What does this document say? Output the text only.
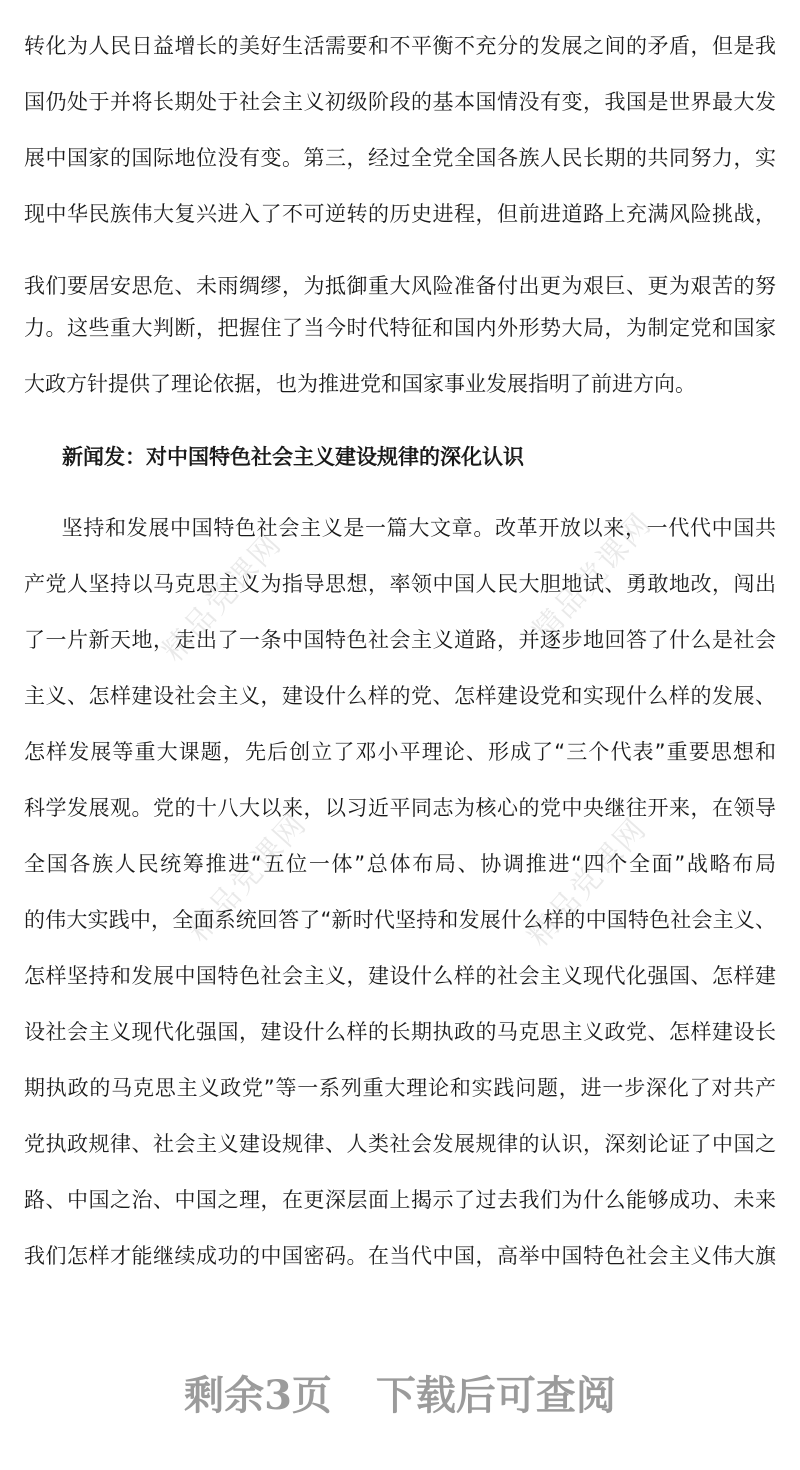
精品党课网	精品党课网
精品党课网	精品党课网
转化为人民日益增长的美好生活需要和不平衡不充分的发展之间的矛盾，但是我
国仍处于并将长期处于社会主义初级阶段的基本国情没有变，我国是世界最大发
展中国家的国际地位没有变。第三，经过全党全国各族人民长期的共同努力，实
现中华民族伟大复兴进入了不可逆转的历史进程，但前进道路上充满风险挑战，
我们要居安思危、未雨绸缪，为抵御重大风险准备付出更为艰巨、更为艰苦的努
力。这些重大判断，把握住了当今时代特征和国内外形势大局，为制定党和国家
大政方针提供了理论依据，也为推进党和国家事业发展指明了前进方向。
新闻发：对中国特色社会主义建设规律的深化认识
　坚持和发展中国特色社会主义是一篇大文章。改革开放以来，一代代中国共
产党人坚持以马克思主义为指导思想，率领中国人民大胆地试、勇敢地改，闯出
了一片新天地，走出了一条中国特色社会主义道路，并逐步地回答了什么是社会
主义、怎样建设社会主义，建设什么样的党、怎样建设党和实现什么样的发展、
怎样发展等重大课题，先后创立了邓小平理论、形成了“三个代表”重要思想和
科学发展观。党的十八大以来，以习近平同志为核心的党中央继往开来，在领导
全国各族人民统筹推进“五位一体”总体布局、协调推进“四个全面”战略布局
的伟大实践中，全面系统回答了“新时代坚持和发展什么样的中国特色社会主义、
怎样坚持和发展中国特色社会主义，建设什么样的社会主义现代化强国、怎样建
设社会主义现代化强国，建设什么样的长期执政的马克思主义政党、怎样建设长
期执政的马克思主义政党”等一系列重大理论和实践问题，进一步深化了对共产
党执政规律、社会主义建设规律、人类社会发展规律的认识，深刻论证了中国之
路、中国之治、中国之理，在更深层面上揭示了过去我们为什么能够成功、未来
我们怎样才能继续成功的中国密码。在当代中国，高举中国特色社会主义伟大旗
剩余3页 下载后可查阅
